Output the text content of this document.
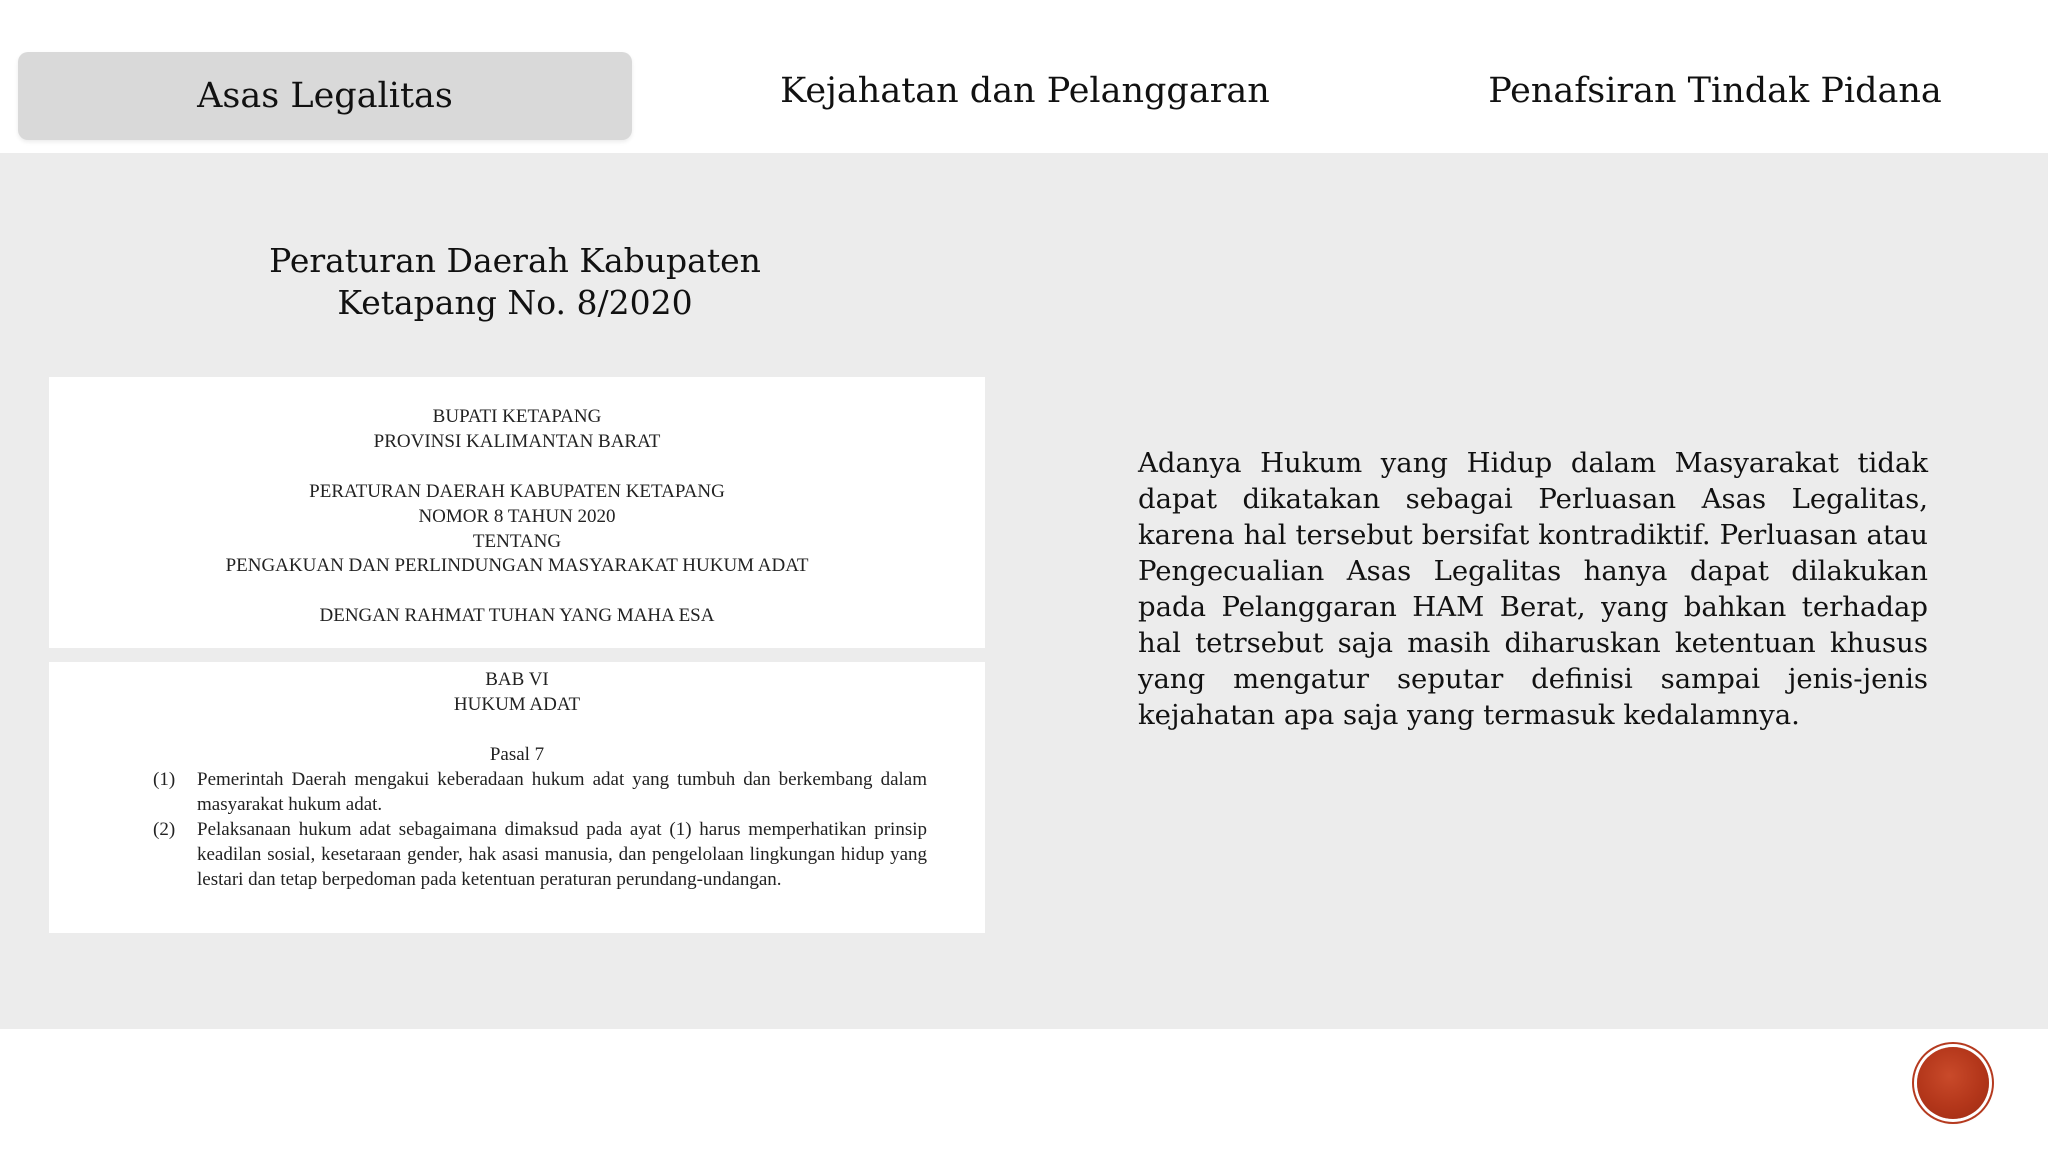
Asas Legalitas	Kejahatan dan Pelanggaran	Penafsiran Tindak Pidana
Peraturan Daerah Kabupaten
Ketapang No. 8/2020
BUPATI KETAPANG
PROVINSI KALIMANTAN BARAT
PERATURAN DAERAH KABUPATEN KETAPANG
NOMOR 8 TAHUN 2020
TENTANG
PENGAKUAN DAN PERLINDUNGAN MASYARAKAT HUKUM ADAT
DENGAN RAHMAT TUHAN YANG MAHA ESA
BAB VI
HUKUM ADAT
Pasal 7
(1)	Pemerintah Daerah mengakui keberadaan hukum adat yang tumbuh dan berkembang dalam masyarakat hukum adat.
(2)	Pelaksanaan hukum adat sebagaimana dimaksud pada ayat (1) harus memperhatikan prinsip keadilan sosial, kesetaraan gender, hak asasi manusia, dan pengelolaan lingkungan hidup yang lestari dan tetap berpedoman pada ketentuan peraturan perundang-undangan.
Adanya Hukum yang Hidup dalam Masyarakat tidak dapat dikatakan sebagai Perluasan Asas Legalitas, karena hal tersebut bersifat kontradiktif. Perluasan atau Pengecualian Asas Legalitas hanya dapat dilakukan pada Pelanggaran HAM Berat, yang bahkan terhadap hal tetrsebut saja masih diharuskan ketentuan khusus yang mengatur seputar definisi sampai jenis-jenis kejahatan apa saja yang termasuk kedalamnya.
